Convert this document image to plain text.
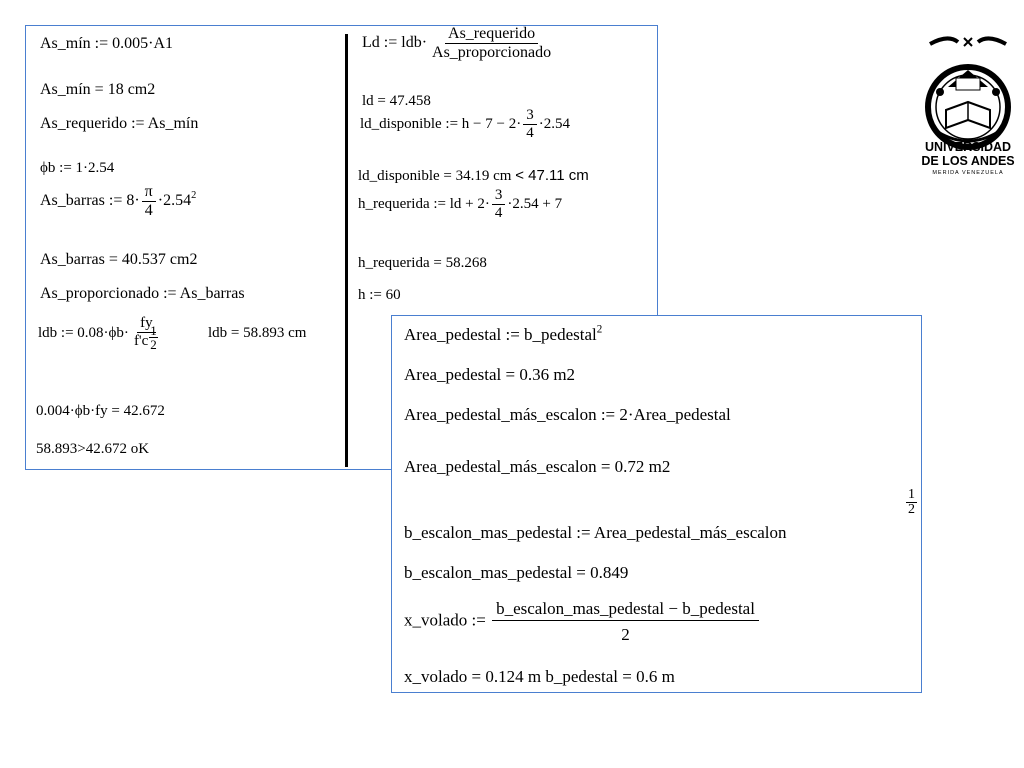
As_mín := 0.005·A1
As_mín = 18 cm2
As_requerido := As_mín
ϕb := 1·2.54
As_barras := $8\cdot \frac{\pi}{4} \cdot 2.54^2$
As_barras = 40.537 cm2
As_proporcionado := As_barras
ldb := $0.08\cdot\phi b\cdot \frac{fy}{f'c \frac{1}{2}}$	ldb = 58.893 cm
0.004·ϕb·fy = 42.672
58.893>42.672 oK
Ld := $ldb\cdot \frac{\text{As\_requerido}}{\text{As\_proporcionado}}$
ld = 47.458
ld_disponible := $h - 7 - 2\cdot \frac{3}{4} \cdot 2.54$
ld_disponible = 34.19 cm < 47.11 cm
h_requerida := ld + $2\cdot \frac{3}{4} \cdot 2.54 + 7$
h_requerida = 58.268
h := 60
Area_pedestal := b_pedestal$^2$
Area_pedestal = 0.36 m2
Area_pedestal_más_escalon := 2·Area_pedestal
Area_pedestal_más_escalon = 0.72 m2
b_escalon_mas_pedestal := Area_pedestal_más_escalon
$\frac{1}{2}$
b_escalon_mas_pedestal = 0.849
x_volado := $\frac{\text{b\_escalon\_mas\_pedestal − b\_pedestal}}{2}$
x_volado = 0.124 m b_pedestal = 0.6 m
UNIVERSIDAD
DE LOS ANDES
MERIDA VENEZUELA
